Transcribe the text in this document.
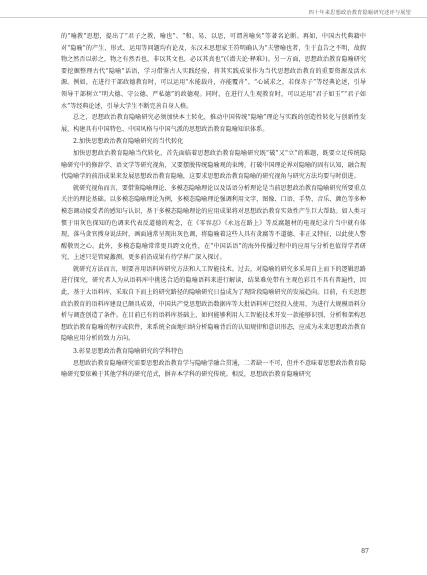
四十年来思想政治教育隐喻研究述评与展望

的“喻教”思想，提出了“君子之教，喻也”、“和、易、以思，可谓善喻矣”等著名论断。再如，中国古代典籍中对“隐喻”的产生、形式、运用等问题均有论及，东汉末思想家王符明确认为“夫譬喻也者，生于直告之不明，故假物之然否以彰之，物之有然否也，非以其文也，必以其真也”(《潜夫论·释难》)。另一方面，思想政治教育隐喻研究要挖掘整理古代“隐喻”话语，学习借鉴古人实践经验，将其实践成果作为当代思想政治教育的重要资源及活水源。例如，在进行干部政德教育时，可以运用“水能载舟，亦能覆舟”、“心诚求之，若保赤子”等经典论述，引导领导干部树立“明大德、守公德、严私德”的政德观。同时，在进行人生观教育时，可以运用“君子如玉”“君子如水”等经典论述，引导大学生不断完善自身人格。

总之，思想政治教育隐喻研究必须加快本土转化，推动中国传统“隐喻”理论与实践的创造性转化与创新性发展，构建具有中国特色、中国风格与中国气派的思想政治教育隐喻知识体系。

2.加快思想政治教育隐喻研究的当代转化

加快思想政治教育隐喻当代转化，首先面临着思想政治教育隐喻研究既“破”又“立”的难题，既要立足传统隐喻研究中的修辞学、语文学等研究视角，又要摆脱传统隐喻观的束缚，打破中国理论界对隐喻的固有认知，融合现代隐喻学的前沿成果来发展思想政治教育隐喻，这要求思想政治教育隐喻的研究视角与研究方法均要与时俱进。

就研究视角而言，要借鉴隐喻理论、多模态隐喻理论以及话语分析理论是当前思想政治教育隐喻研究所要重点关注的理论基础。以多模态隐喻理论为例，多模态隐喻理论强调利用文字、图像、口语、手势、音乐、颜色等多种模态调动接受者的感知与认识，基于多模态隐喻理论的应用成果将对思想政治教育实效性产生巨大帮助。如人类习惯于用灰色探知的色调来代表反道德的观念，在《零容忍》《永远在路上》等反腐题材的电视纪录片当中就有体现，落马贪官搜身说法时，画面通常呈现出灰色调，将隐喻着这些人具有贪腐等不道德、非正义特征，以此使人警醒敬畏之心。此外，多模态隐喻常常更具跨文化性，在“中国话语”的海外传播过程中的应用与分析也值得学者研究，上述只是管窥蠡测，更多前沿成果有待学界广深入探讨。

就研究方法而言，则要善用语料库研究方法和人工智能技术。过去，对隐喻的研究多采用自上而下的逻辑思路进行探究，研究者人为从语料库中挑选合适的隐喻语料来进行解读，结果难免带有主观色彩且不具有普遍性，因此，基于大语料库，采取自下而上的研究路径的隐喻研究日益成为了现阶段隐喻研究的发展趋向。目前，有关思想政治教育的语料库建设已颇具成效，中国共产党思想政治数据库等大批语料库已经投入使用，为进行大规模语料分析与调查创造了条件。在目前已有的语料库基础上，如何能够利用人工智能技术开发一款能够识别、分析和架构思想政治教育隐喻的程序或软件，来系统全面地归纳分析隐喻背后的认知规律和意识形态，应成为未来思想政治教育隐喻应用分析的致力方向。

3.彰显思想政治教育隐喻研究的学科特色

思想政治教育隐喻研究需要思想政治教育学与隐喻学融合贯通，二者缺一不可，但并不意味着思想政治教育隐喻研究要依赖于其他学科的研究范式，摒弃本学科的研究传统。相反，思想政治教育隐喻研究

87
